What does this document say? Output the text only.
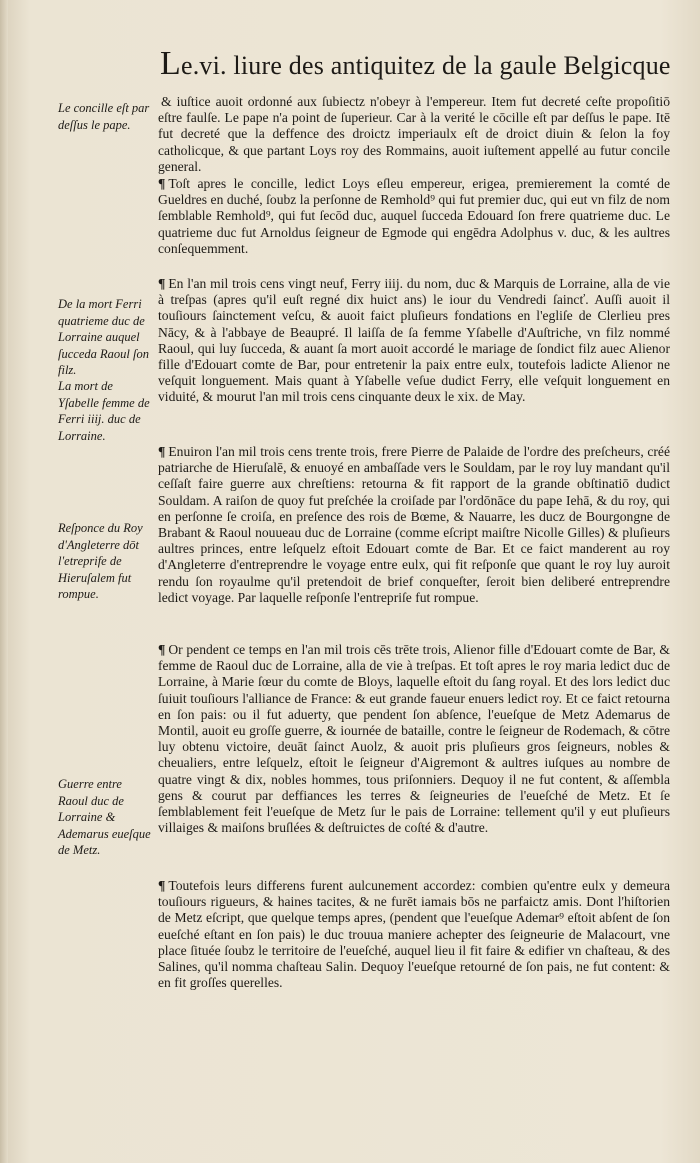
Le.vi. liure des antiquitez de la gaule Belgicque
Le concille eſt par deſſus le pape.
De la mort Ferri quatrieme duc de Lorraine auquel ſucceda Raoul ſon filz.
La mort de Yſabelle femme de Ferri iiij. duc de Lorraine.
Reſponce du Roy d'Angleterre dōt l'etreprife de Hieruſalem fut rompue.
Guerre entre Raoul duc de Lorraine & Ademarus eueſque de Metz.
& iuſtice auoit ordonné aux ſubiectz n'obeyr à l'empereur. Item fut decreté ceſte propoſitiō eſtre faulſe. Le pape n'a point de ſuperieur. Car à la verité le cōcille eſt par deſſus le pape. Itē fut decreté que la deffence des droictz imperiaulx eſt de droict diuin & ſelon la foy catholicque, & que partant Loys roy des Rommains, auoit iuſtement appellé au futur concile general.
¶ Toſt apres le concille, ledict Loys eſleu empereur, erigea, premierement la comté de Gueldres en duché, ſoubz la perſonne de Remhold⁹ qui fut premier duc, qui eut vn filz de nom ſemblable Remhold⁹, qui fut ſecōd duc, auquel ſucceda Edouard ſon frere quatrieme duc. Le quatrieme duc fut Arnoldus ſeigneur de Egmode qui engēdra Adolphus v. duc, & les aultres conſequemment.
¶ En l'an mil trois cens vingt neuf, Ferry iiij. du nom, duc & Marquis de Lorraine, alla de vie à treſpas (apres qu'il euſt regné dix huict ans) le iour du Vendredi ſaincť. Auſſi auoit il touſiours ſainctement veſcu, & auoit faict pluſieurs fondations en l'egliſe de Clerlieu pres Nācy, & à l'abbaye de Beaupré. Il laiſſa de ſa femme Yſabelle d'Auſtriche, vn filz nommé Raoul, qui luy ſucceda, & auant ſa mort auoit accordé le mariage de ſondict filz auec Alienor fille d'Edouart comte de Bar, pour entretenir la paix entre eulx, toutefois ladicte Alienor ne veſquit longuement. Mais quant à Yſabelle veſue dudict Ferry, elle veſquit longuement en viduité, & mourut l'an mil trois cens cinquante deux le xix. de May.
¶ Enuiron l'an mil trois cens trente trois, frere Pierre de Palaide de l'ordre des preſcheurs, créé patriarche de Hieruſalē, & enuoyé en ambaſſade vers le Souldam, par le roy luy mandant qu'il ceſſaſt faire guerre aux chreſtiens: retourna & fit rapport de la grande obſtinatiō dudict Souldam. A raiſon de quoy fut preſchée la croiſade par l'ordōnāce du pape Iehā, & du roy, qui en perſonne ſe croiſa, en preſence des rois de Bœme, & Nauarre, les ducz de Bourgongne de Brabant & Raoul nouueau duc de Lorraine (comme eſcript maiſtre Nicolle Gilles) & pluſieurs aultres princes, entre leſquelz eſtoit Edouart comte de Bar. Et ce faict manderent au roy d'Angleterre d'entreprendre le voyage entre eulx, qui fit reſponſe que quant le roy luy auroit rendu ſon royaulme qu'il pretendoit de brief conqueſter, ſeroit bien deliberé entreprendre ledict voyage. Par laquelle reſponſe l'entrepriſe fut rompue.
¶ Or pendent ce temps en l'an mil trois cēs trēte trois, Alienor fille d'Edouart comte de Bar, & femme de Raoul duc de Lorraine, alla de vie à treſpas. Et toſt apres le roy maria ledict duc de Lorraine, à Marie ſœur du comte de Bloys, laquelle eſtoit du ſang royal. Et des lors ledict duc ſuiuit touſiours l'alliance de France: & eut grande faueur enuers ledict roy. Et ce faict retourna en ſon pais: ou il fut aduerty, que pendent ſon abſence, l'eueſque de Metz Ademarus de Montil, auoit eu groſſe guerre, & iournée de bataille, contre le ſeigneur de Rodemach, & cōtre luy obtenu victoire, deuāt ſainct Auolz, & auoit pris pluſieurs gros ſeigneurs, nobles & cheualiers, entre leſquelz, eſtoit le ſeigneur d'Aigremont & aultres iuſques au nombre de quatre vingt & dix, nobles hommes, tous priſonniers. Dequoy il ne fut content, & aſſembla gens & courut par deffiances les terres & ſeigneuries de l'eueſché de Metz. Et ſe ſemblablement feit l'eueſque de Metz ſur le pais de Lorraine: tellement qu'il y eut pluſieurs villaiges & maiſons bruſlées & deſtruictes de coſté & d'autre.
¶ Toutefois leurs differens furent aulcunement accordez: combien qu'entre eulx y demeura touſiours rigueurs, & haines tacites, & ne furēt iamais bōs ne parfaictz amis. Dont l'hiſtorien de Metz eſcript, que quelque temps apres, (pendent que l'eueſque Ademar⁹ eſtoit abſent de ſon eueſché eſtant en ſon pais) le duc trouua maniere achepter des ſeigneurie de Malacourt, vne place ſituée ſoubz le territoire de l'eueſché, auquel lieu il fit faire & edifier vn chaſteau, & des Salines, qu'il nomma chaſteau Salin. Dequoy l'eueſque retourné de ſon pais, ne fut content: & en fit groſſes querelles.
